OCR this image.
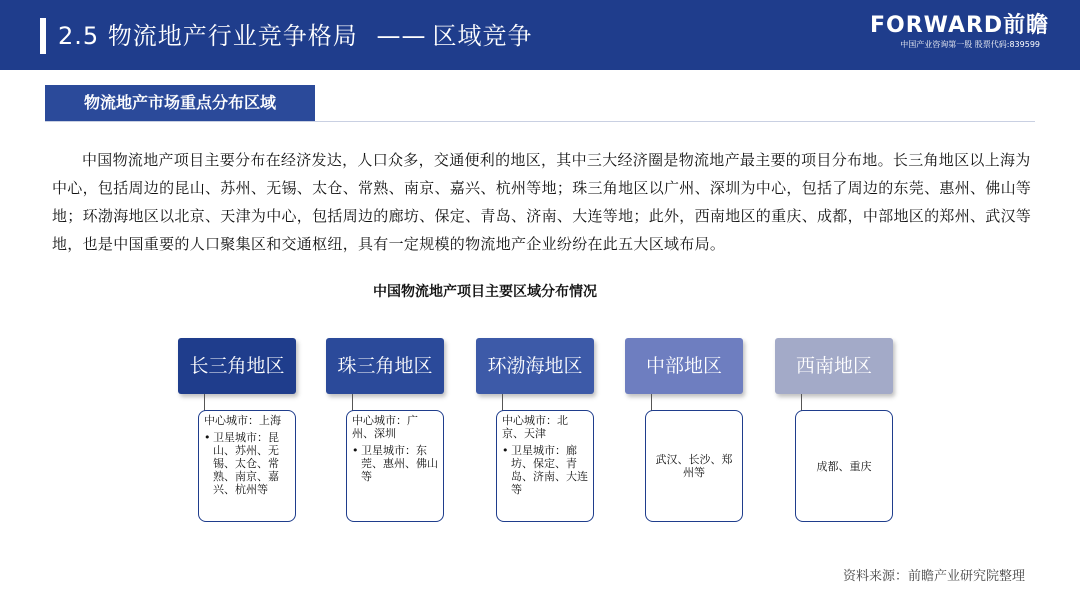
2.5 物流地产行业竞争格局 —— 区域竞争	FORWARD前瞻
中国产业咨询第一股 股票代码:839599
物流地产市场重点分布区域
中国物流地产项目主要分布在经济发达，人口众多，交通便利的地区，其中三大经济圈是物流地产最主要的项目分布地。长三角地区以上海为中心，包括周边的昆山、苏州、无锡、太仓、常熟、南京、嘉兴、杭州等地；珠三角地区以广州、深圳为中心，包括了周边的东莞、惠州、佛山等地；环渤海地区以北京、天津为中心，包括周边的廊坊、保定、青岛、济南、大连等地；此外，西南地区的重庆、成都，中部地区的郑州、武汉等地，也是中国重要的人口聚集区和交通枢纽，具有一定规模的物流地产企业纷纷在此五大区域布局。
中国物流地产项目主要区域分布情况
长三角地区
中心城市：上海
• 卫星城市：昆山、苏州、无锡、太仓、常熟、南京、嘉兴、杭州等
珠三角地区
中心城市：广州、深圳
• 卫星城市：东莞、惠州、佛山等
环渤海地区
中心城市：北京、天津
• 卫星城市：廊坊、保定、青岛、济南、大连等
中部地区
武汉、长沙、郑州等
西南地区
成都、重庆
资料来源：前瞻产业研究院整理
